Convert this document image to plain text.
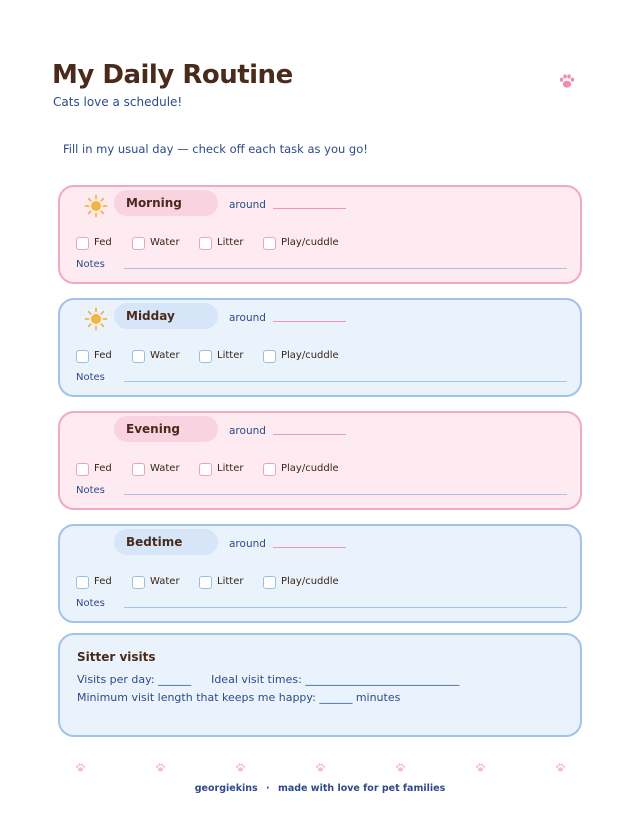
My Daily Routine
Cats love a schedule!
Fill in my usual day — check off each task as you go!
Morning	around
Fed	Water	Litter	Play/cuddle
Notes
Midday	around
Fed	Water	Litter	Play/cuddle
Notes
Evening	around
Fed	Water	Litter	Play/cuddle
Notes
Bedtime	around
Fed	Water	Litter	Play/cuddle
Notes
Sitter visits
Visits per day: ______ Ideal visit times: ____________________________
Minimum visit length that keeps me happy: ______ minutes
georgiekins · made with love for pet families
